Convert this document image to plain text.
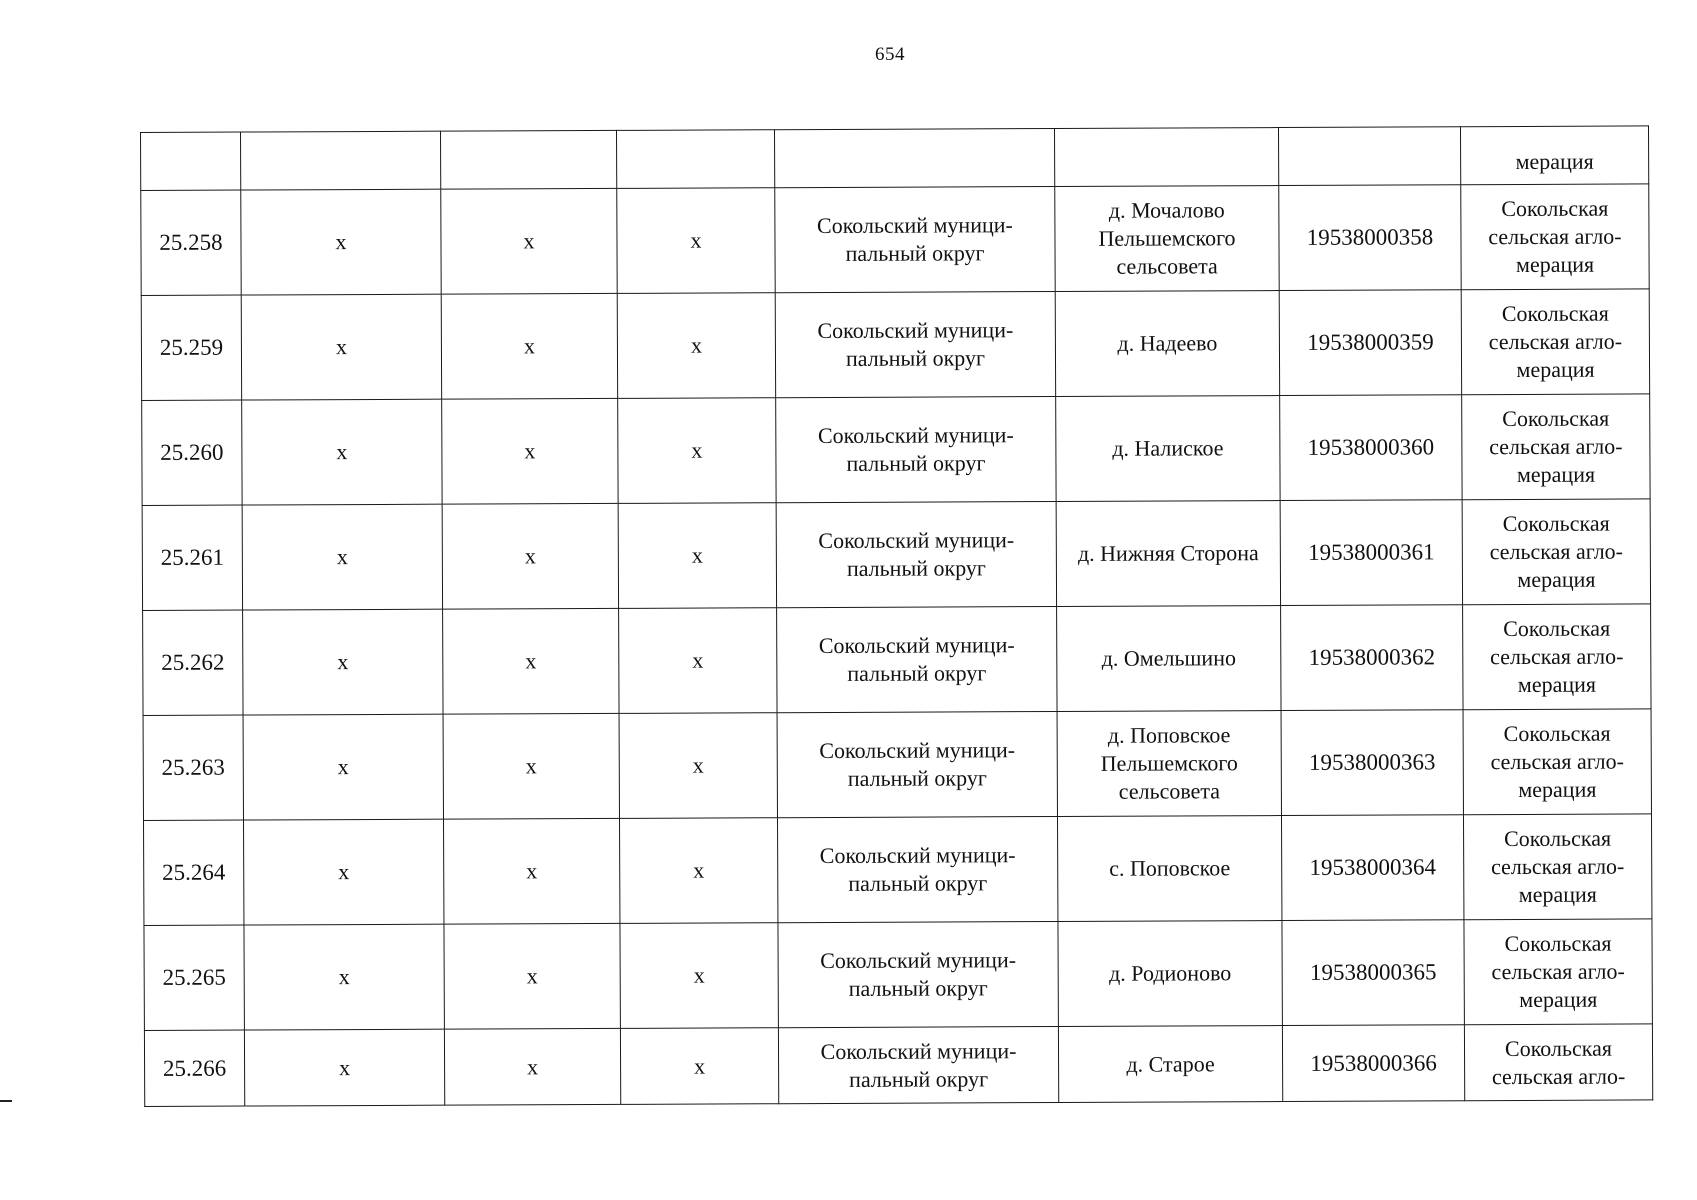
654
							мерация
25.258	х	х	х	Сокольский муници-пальный округ	д. Мочалово Пельшемского сельсовета	19538000358	Сокольская сельская агло-мерация
25.259	х	х	х	Сокольский муници-пальный округ	д. Надеево	19538000359	Сокольская сельская агло-мерация
25.260	х	х	х	Сокольский муници-пальный округ	д. Налиское	19538000360	Сокольская сельская агло-мерация
25.261	х	х	х	Сокольский муници-пальный округ	д. Нижняя Сторона	19538000361	Сокольская сельская агло-мерация
25.262	х	х	х	Сокольский муници-пальный округ	д. Омельшино	19538000362	Сокольская сельская агло-мерация
25.263	х	х	х	Сокольский муници-пальный округ	д. Поповское Пельшемского сельсовета	19538000363	Сокольская сельская агло-мерация
25.264	х	х	х	Сокольский муници-пальный округ	с. Поповское	19538000364	Сокольская сельская агло-мерация
25.265	х	х	х	Сокольский муници-пальный округ	д. Родионово	19538000365	Сокольская сельская агло-мерация
25.266	х	х	х	Сокольский муници-пальный округ	д. Старое	19538000366	Сокольская сельская агло-
